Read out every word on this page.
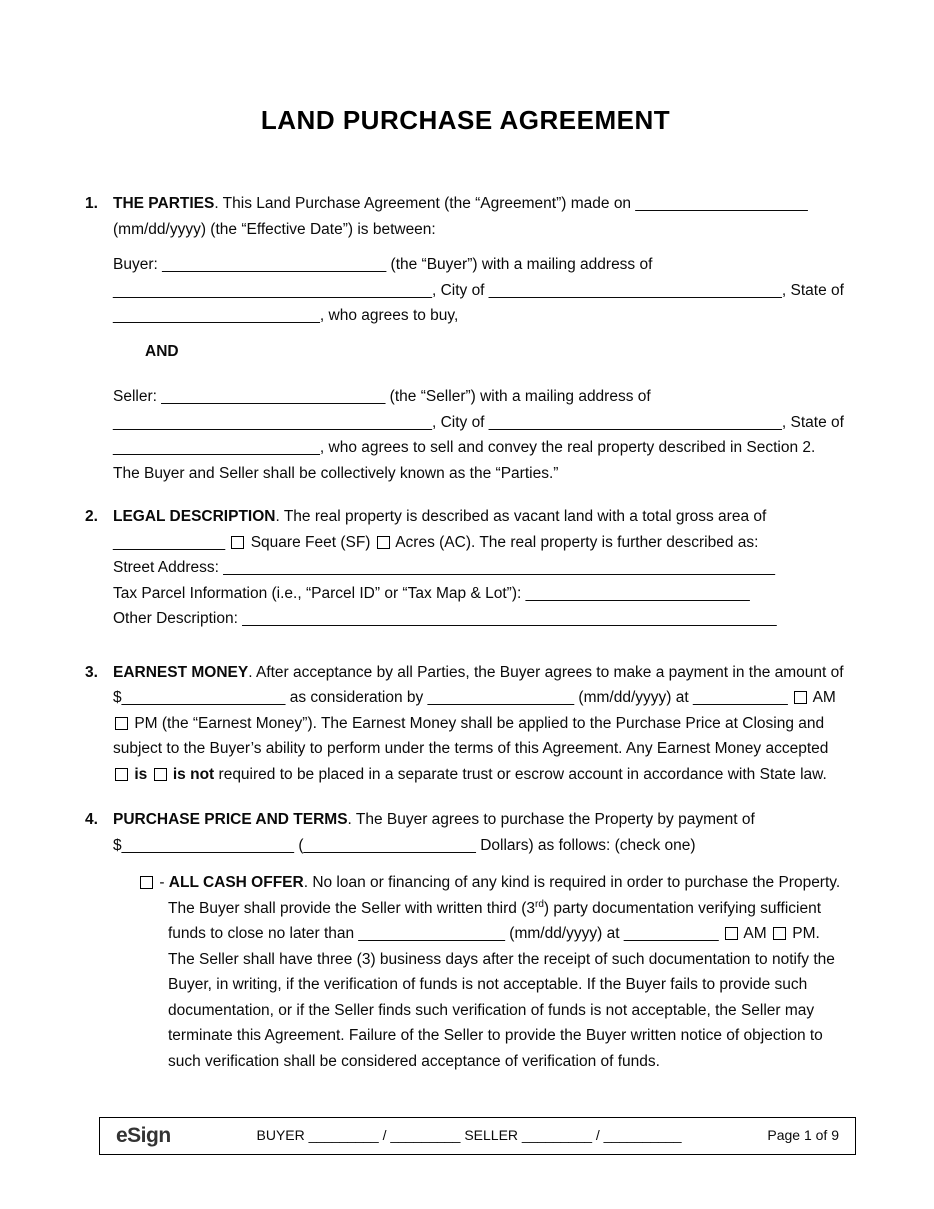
LAND PURCHASE AGREEMENT

1. THE PARTIES. This Land Purchase Agreement (the “Agreement”) made on ____________________ (mm/dd/yyyy) (the “Effective Date”) is between:

Buyer: __________________________ (the “Buyer”) with a mailing address of _____________________________________, City of __________________________________, State of ________________________, who agrees to buy,

AND

Seller: __________________________ (the “Seller”) with a mailing address of _____________________________________, City of __________________________________, State of ________________________, who agrees to sell and convey the real property described in Section 2. The Buyer and Seller shall be collectively known as the “Parties.”

2. LEGAL DESCRIPTION. The real property is described as vacant land with a total gross area of _____________ Square Feet (SF) Acres (AC). The real property is further described as:

Street Address: ________________________________________________________________

Tax Parcel Information (i.e., “Parcel ID” or “Tax Map & Lot”): __________________________

Other Description: ______________________________________________________________

3. EARNEST MONEY. After acceptance by all Parties, the Buyer agrees to make a payment in the amount of $___________________ as consideration by _________________ (mm/dd/yyyy) at ___________ AM  PM (the “Earnest Money”). The Earnest Money shall be applied to the Purchase Price at Closing and subject to the Buyer’s ability to perform under the terms of this Agreement. Any Earnest Money accepted  is is not required to be placed in a separate trust or escrow account in accordance with State law.

4. PURCHASE PRICE AND TERMS. The Buyer agrees to purchase the Property by payment of $____________________ (____________________ Dollars) as follows: (check one)

- ALL CASH OFFER. No loan or financing of any kind is required in order to purchase the Property. The Buyer shall provide the Seller with written third (3rd) party documentation verifying sufficient funds to close no later than _________________ (mm/dd/yyyy) at ___________ AM PM. The Seller shall have three (3) business days after the receipt of such documentation to notify the Buyer, in writing, if the verification of funds is not acceptable. If the Buyer fails to provide such documentation, or if the Seller finds such verification of funds is not acceptable, the Seller may terminate this Agreement. Failure of the Seller to provide the Buyer written notice of objection to such verification shall be considered acceptance of verification of funds.

eSign	BUYER _________ / _________ SELLER _________ / __________	Page 1 of 9
